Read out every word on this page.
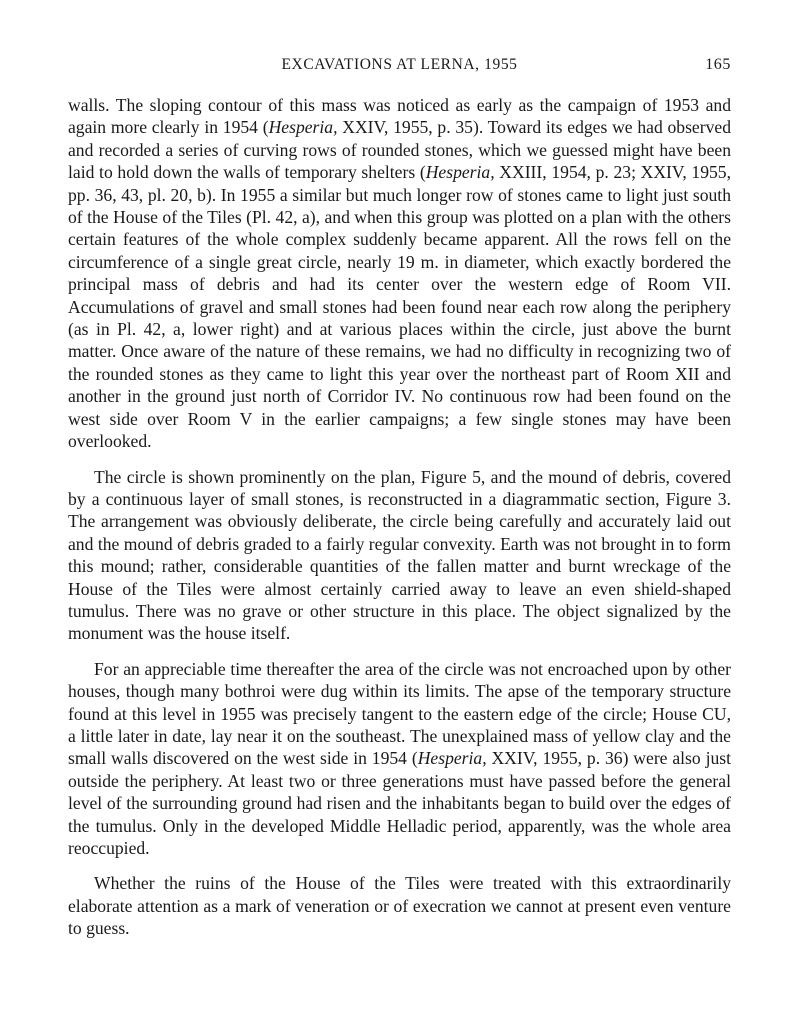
EXCAVATIONS AT LERNA, 1955	165

walls. The sloping contour of this mass was noticed as early as the campaign of 1953 and again more clearly in 1954 (Hesperia, XXIV, 1955, p. 35). Toward its edges we had observed and recorded a series of curving rows of rounded stones, which we guessed might have been laid to hold down the walls of temporary shelters (Hesperia, XXIII, 1954, p. 23; XXIV, 1955, pp. 36, 43, pl. 20, b). In 1955 a similar but much longer row of stones came to light just south of the House of the Tiles (Pl. 42, a), and when this group was plotted on a plan with the others certain features of the whole complex suddenly became apparent. All the rows fell on the circumference of a single great circle, nearly 19 m. in diameter, which exactly bordered the principal mass of debris and had its center over the western edge of Room VII. Accumulations of gravel and small stones had been found near each row along the periphery (as in Pl. 42, a, lower right) and at various places within the circle, just above the burnt matter. Once aware of the nature of these remains, we had no difficulty in recognizing two of the rounded stones as they came to light this year over the northeast part of Room XII and another in the ground just north of Corridor IV. No continuous row had been found on the west side over Room V in the earlier campaigns; a few single stones may have been overlooked.

The circle is shown prominently on the plan, Figure 5, and the mound of debris, covered by a continuous layer of small stones, is reconstructed in a diagrammatic section, Figure 3. The arrangement was obviously deliberate, the circle being carefully and accurately laid out and the mound of debris graded to a fairly regular convexity. Earth was not brought in to form this mound; rather, considerable quantities of the fallen matter and burnt wreckage of the House of the Tiles were almost certainly carried away to leave an even shield-shaped tumulus. There was no grave or other structure in this place. The object signalized by the monument was the house itself.

For an appreciable time thereafter the area of the circle was not encroached upon by other houses, though many bothroi were dug within its limits. The apse of the temporary structure found at this level in 1955 was precisely tangent to the eastern edge of the circle; House CU, a little later in date, lay near it on the southeast. The unexplained mass of yellow clay and the small walls discovered on the west side in 1954 (Hesperia, XXIV, 1955, p. 36) were also just outside the periphery. At least two or three generations must have passed before the general level of the surrounding ground had risen and the inhabitants began to build over the edges of the tumulus. Only in the developed Middle Helladic period, apparently, was the whole area reoccupied.

Whether the ruins of the House of the Tiles were treated with this extraordinarily elaborate attention as a mark of veneration or of execration we cannot at present even venture to guess.
